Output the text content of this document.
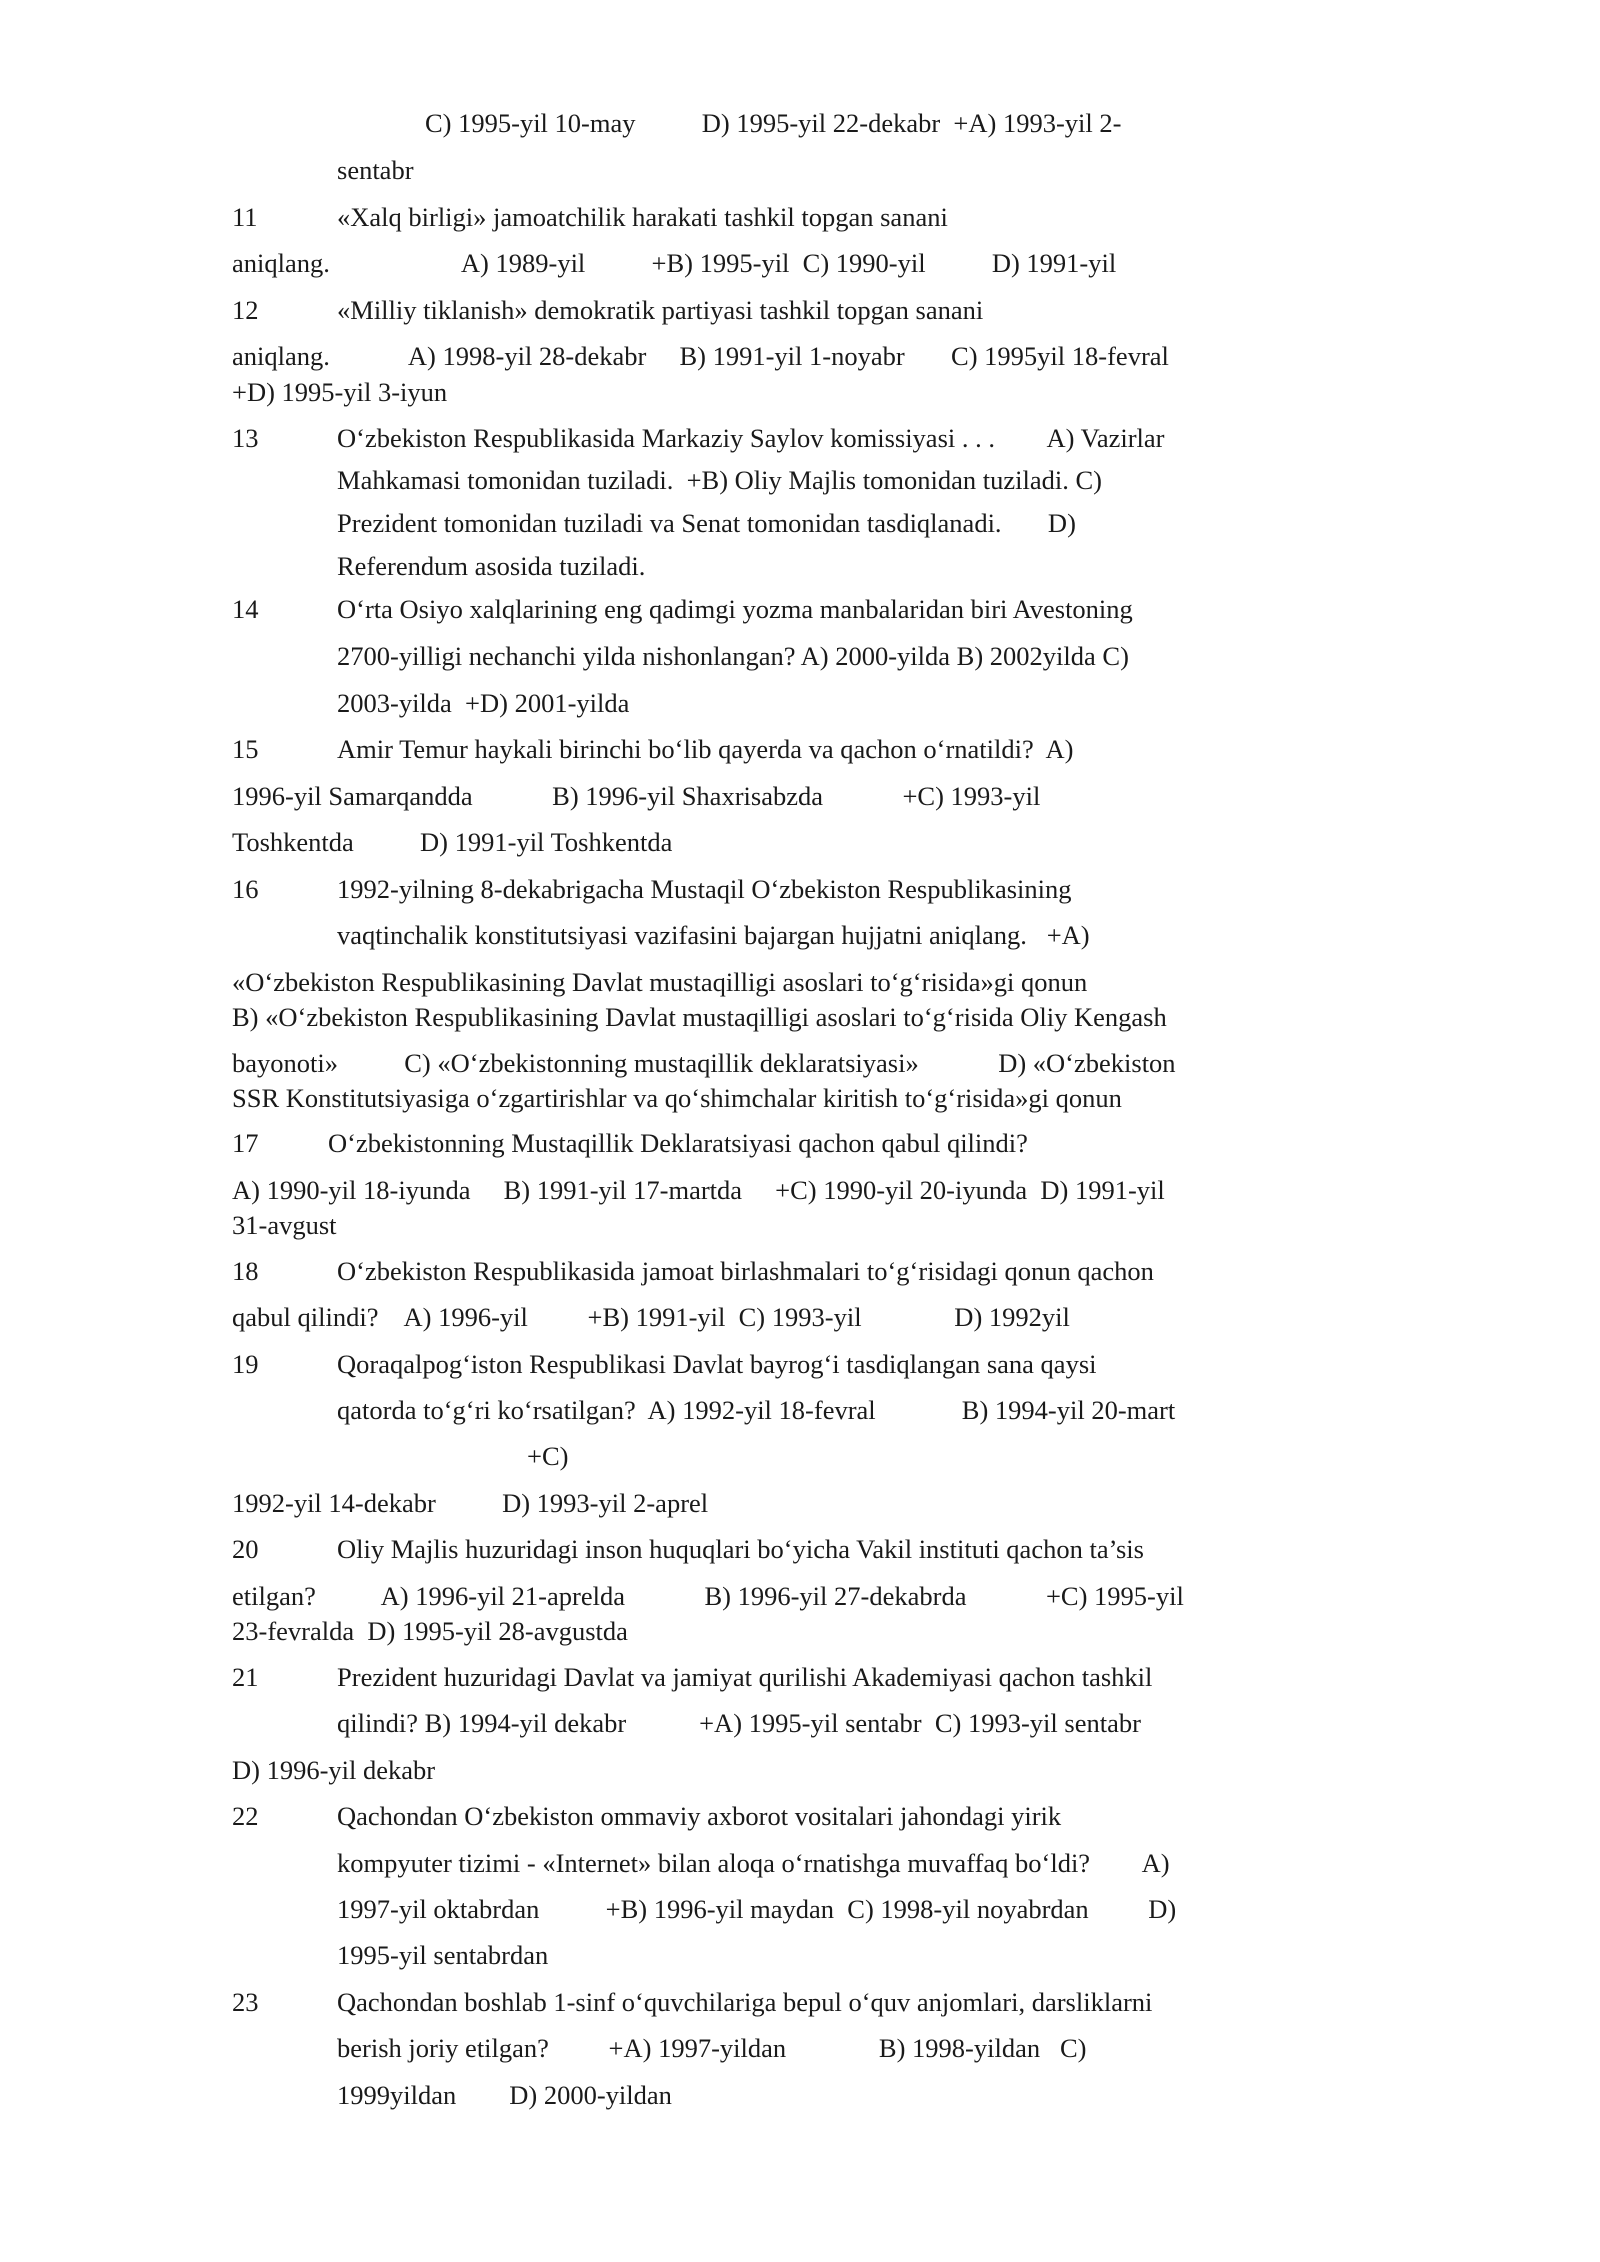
C) 1995-yil 10-may          D) 1995-yil 22-dekabr  +A) 1993-yil 2-
sentabr
11	«Xalq birligi» jamoatchilik harakati tashkil topgan sanani
aniqlang.                    A) 1989-yil          +B) 1995-yil  C) 1990-yil          D) 1991-yil
12	«Milliy tiklanish» demokratik partiyasi tashkil topgan sanani
aniqlang.            A) 1998-yil 28-dekabr     B) 1991-yil 1-noyabr       C) 1995yil 18-fevral
+D) 1995-yil 3-iyun
13	O‘zbekiston Respublikasida Markaziy Saylov komissiyasi . . .        A) Vazirlar
Mahkamasi tomonidan tuziladi.  +B) Oliy Majlis tomonidan tuziladi. C)
Prezident tomonidan tuziladi va Senat tomonidan tasdiqlanadi.       D)
Referendum asosida tuziladi.
14	O‘rta Osiyo xalqlarining eng qadimgi yozma manbalaridan biri Avestoning
2700-yilligi nechanchi yilda nishonlangan? A) 2000-yilda B) 2002yilda C)
2003-yilda  +D) 2001-yilda
15	Amir Temur haykali birinchi bo‘lib qayerda va qachon o‘rnatildi?  A)
1996-yil Samarqandda            B) 1996-yil Shaxrisabzda            +C) 1993-yil
Toshkentda          D) 1991-yil Toshkentda
16	1992-yilning 8-dekabrigacha Mustaqil O‘zbekiston Respublikasining
vaqtinchalik konstitutsiyasi vazifasini bajargan hujjatni aniqlang.   +A)
«O‘zbekiston Respublikasining Davlat mustaqilligi asoslari to‘g‘risida»gi qonun
B) «O‘zbekiston Respublikasining Davlat mustaqilligi asoslari to‘g‘risida Oliy Kengash
bayonoti»          C) «O‘zbekistonning mustaqillik deklaratsiyasi»            D) «O‘zbekiston
SSR Konstitutsiyasiga o‘zgartirishlar va qo‘shimchalar kiritish to‘g‘risida»gi qonun
17	O‘zbekistonning Mustaqillik Deklaratsiyasi qachon qabul qilindi?
A) 1990-yil 18-iyunda     B) 1991-yil 17-martda     +C) 1990-yil 20-iyunda  D) 1991-yil
31-avgust
18	O‘zbekiston Respublikasida jamoat birlashmalari to‘g‘risidagi qonun qachon
qabul qilindi?    A) 1996-yil         +B) 1991-yil  C) 1993-yil              D) 1992yil
19	Qoraqalpog‘iston Respublikasi Davlat bayrog‘i tasdiqlangan sana qaysi
qatorda to‘g‘ri ko‘rsatilgan?  A) 1992-yil 18-fevral             B) 1994-yil 20-mart
+C)
1992-yil 14-dekabr          D) 1993-yil 2-aprel
20	Oliy Majlis huzuridagi inson huquqlari bo‘yicha Vakil instituti qachon ta’sis
etilgan?          A) 1996-yil 21-aprelda            B) 1996-yil 27-dekabrda            +C) 1995-yil
23-fevralda  D) 1995-yil 28-avgustda
21	Prezident huzuridagi Davlat va jamiyat qurilishi Akademiyasi qachon tashkil
qilindi? B) 1994-yil dekabr           +A) 1995-yil sentabr  C) 1993-yil sentabr
D) 1996-yil dekabr
22	Qachondan O‘zbekiston ommaviy axborot vositalari jahondagi yirik
kompyuter tizimi - «Internet» bilan aloqa o‘rnatishga muvaffaq bo‘ldi?        A)
1997-yil oktabrdan          +B) 1996-yil maydan  C) 1998-yil noyabrdan         D)
1995-yil sentabrdan
23	Qachondan boshlab 1-sinf o‘quvchilariga bepul o‘quv anjomlari, darsliklarni
berish joriy etilgan?         +A) 1997-yildan              B) 1998-yildan   C)
1999yildan        D) 2000-yildan
